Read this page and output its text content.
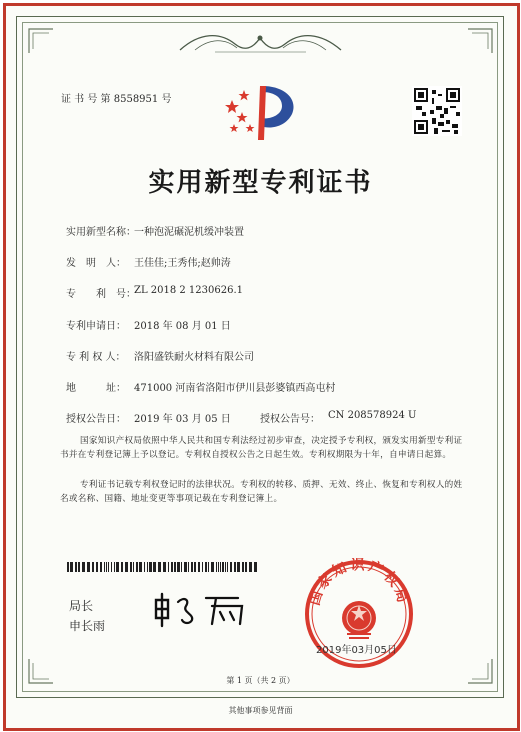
证 书 号 第 8558951 号
实用新型专利证书
实用新型名称：
一种泡泥碾泥机缓冲装置
发　明　人： 王佳佳;王秀伟;赵帅涛
专　　利　号：
ZL 2018 2 1230626.1
专利申请日： 2018 年 08 月 01 日
专 利 权 人： 洛阳盛铁耐火材料有限公司
地　　　址： 471000 河南省洛阳市伊川县彭婆镇西高屯村
授权公告日： 2019 年 03 月 05 日	授权公告号： CN 208578924 U
国家知识产权局依照中华人民共和国专利法经过初步审查，决定授予专利权，颁发实用新型专利证书并在专利登记簿上予以登记。专利权自授权公告之日起生效。专利权期限为十年，自申请日起算。
专利证书记载专利权登记时的法律状况。专利权的转移、质押、无效、终止、恢复和专利权人的姓名或名称、国籍、地址变更等事项记载在专利登记簿上。
局长
申长雨
国家知识产权局
2019年03月05日
第 1 页（共 2 页）
其他事项参见背面
